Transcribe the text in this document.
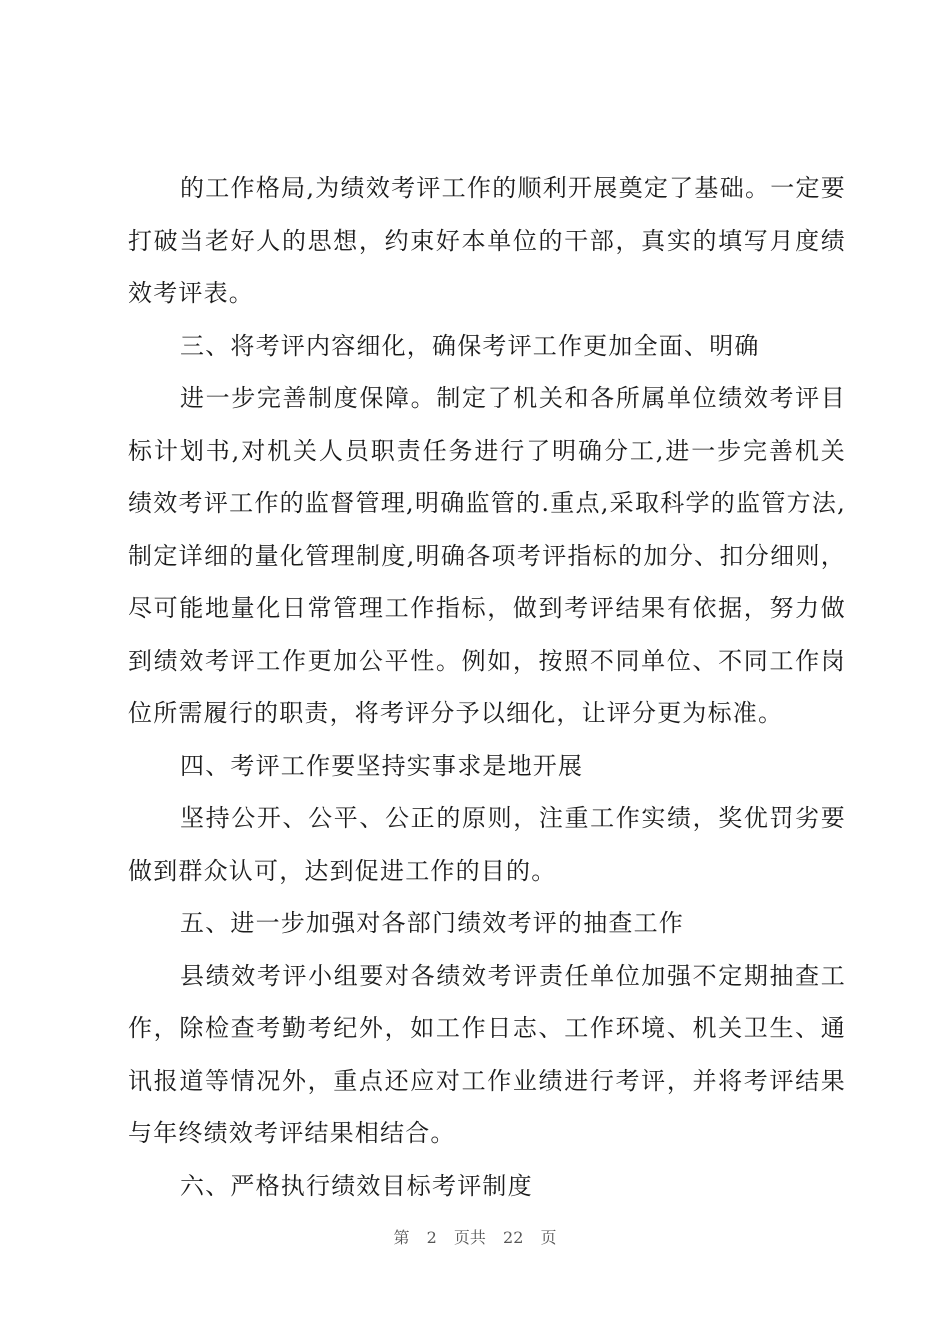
的工作格局,为绩效考评工作的顺利开展奠定了基础。一定要打破当老好人的思想，约束好本单位的干部，真实的填写月度绩效考评表。

三、将考评内容细化，确保考评工作更加全面、明确

进一步完善制度保障。制定了机关和各所属单位绩效考评目标计划书,对机关人员职责任务进行了明确分工,进一步完善机关绩效考评工作的监督管理,明确监管的.重点,采取科学的监管方法,制定详细的量化管理制度,明确各项考评指标的加分、扣分细则，尽可能地量化日常管理工作指标，做到考评结果有依据，努力做到绩效考评工作更加公平性。例如，按照不同单位、不同工作岗位所需履行的职责，将考评分予以细化，让评分更为标准。

四、考评工作要坚持实事求是地开展

坚持公开、公平、公正的原则，注重工作实绩，奖优罚劣要做到群众认可，达到促进工作的目的。

五、进一步加强对各部门绩效考评的抽查工作

县绩效考评小组要对各绩效考评责任单位加强不定期抽查工作，除检查考勤考纪外，如工作日志、工作环境、机关卫生、通讯报道等情况外，重点还应对工作业绩进行考评，并将考评结果与年终绩效考评结果相结合。

六、严格执行绩效目标考评制度

第 2 页共 22 页
